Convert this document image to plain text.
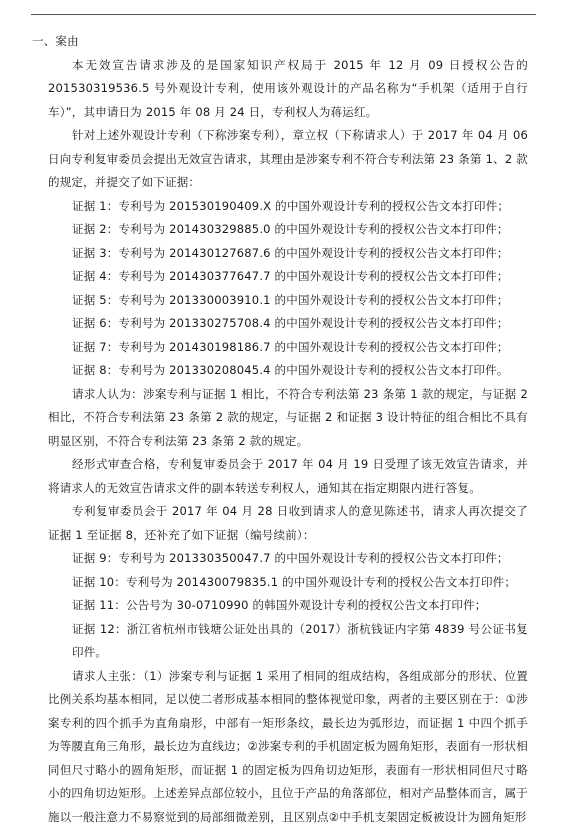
一、案由

本无效宣告请求涉及的是国家知识产权局于 2015 年 12 月 09 日授权公告的 201530319536.5 号外观设计专利，使用该外观设计的产品名称为“手机架（适用于自行车）”，其申请日为 2015 年 08 月 24 日，专利权人为蒋运红。

针对上述外观设计专利（下称涉案专利），章立权（下称请求人）于 2017 年 04 月 06 日向专利复审委员会提出无效宣告请求，其理由是涉案专利不符合专利法第 23 条第 1、2 款的规定，并提交了如下证据：

证据 1：专利号为 201530190409.X 的中国外观设计专利的授权公告文本打印件；

证据 2：专利号为 201430329885.0 的中国外观设计专利的授权公告文本打印件；

证据 3：专利号为 201430127687.6 的中国外观设计专利的授权公告文本打印件；

证据 4：专利号为 201430377647.7 的中国外观设计专利的授权公告文本打印件；

证据 5：专利号为 201330003910.1 的中国外观设计专利的授权公告文本打印件；

证据 6：专利号为 201330275708.4 的中国外观设计专利的授权公告文本打印件；

证据 7：专利号为 201430198186.7 的中国外观设计专利的授权公告文本打印件；

证据 8：专利号为 201330208045.4 的中国外观设计专利的授权公告文本打印件。

请求人认为：涉案专利与证据 1 相比，不符合专利法第 23 条第 1 款的规定，与证据 2 相比，不符合专利法第 23 条第 2 款的规定，与证据 2 和证据 3 设计特征的组合相比不具有明显区别，不符合专利法第 23 条第 2 款的规定。

经形式审查合格，专利复审委员会于 2017 年 04 月 19 日受理了该无效宣告请求，并将请求人的无效宣告请求文件的副本转送专利权人，通知其在指定期限内进行答复。

专利复审委员会于 2017 年 04 月 28 日收到请求人的意见陈述书，请求人再次提交了证据 1 至证据 8，还补充了如下证据（编号续前）：

证据 9：专利号为 201330350047.7 的中国外观设计专利的授权公告文本打印件；

证据 10：专利号为 201430079835.1 的中国外观设计专利的授权公告文本打印件；

证据 11：公告号为 30-0710990 的韩国外观设计专利的授权公告文本打印件；

证据 12：浙江省杭州市钱塘公证处出具的（2017）浙杭钱证内字第 4839 号公证书复印件。

请求人主张：（1）涉案专利与证据 1 采用了相同的组成结构，各组成部分的形状、位置比例关系均基本相同，足以使二者形成基本相同的整体视觉印象，两者的主要区别在于：①涉案专利的四个抓手为直角扇形，中部有一矩形条纹，最长边为弧形边，而证据 1 中四个抓手为等腰直角三角形，最长边为直线边；②涉案专利的手机固定板为圆角矩形，表面有一形状相同但尺寸略小的圆角矩形，而证据 1 的固定板为四角切边矩形，表面有一形状相同但尺寸略小的四角切边矩形。上述差异点部位较小，且位于产品的角落部位，相对产品整体而言，属于施以一般注意力不易察觉到的局部细微差别，且区别点②中手机支架固定板被设计为圆角矩形
